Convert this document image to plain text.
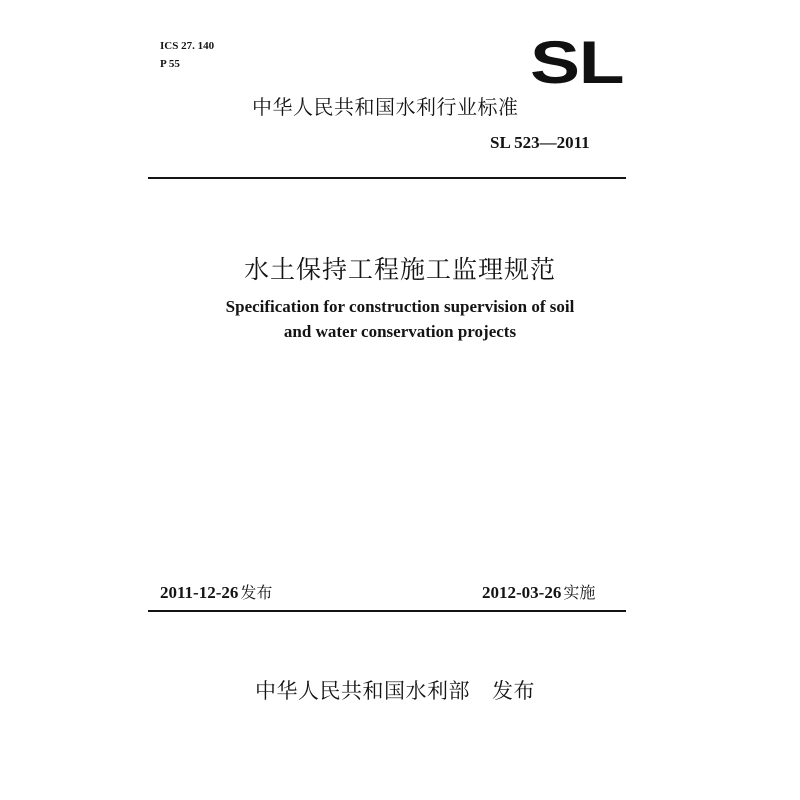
ICS 27. 140
P 55	SL
中华人民共和国水利行业标准
SL 523—2011
水土保持工程施工监理规范
Specification for construction supervision of soil
and water conservation projects
2011-12-26 发布	2012-03-26 实施
中华人民共和国水利部 发布
